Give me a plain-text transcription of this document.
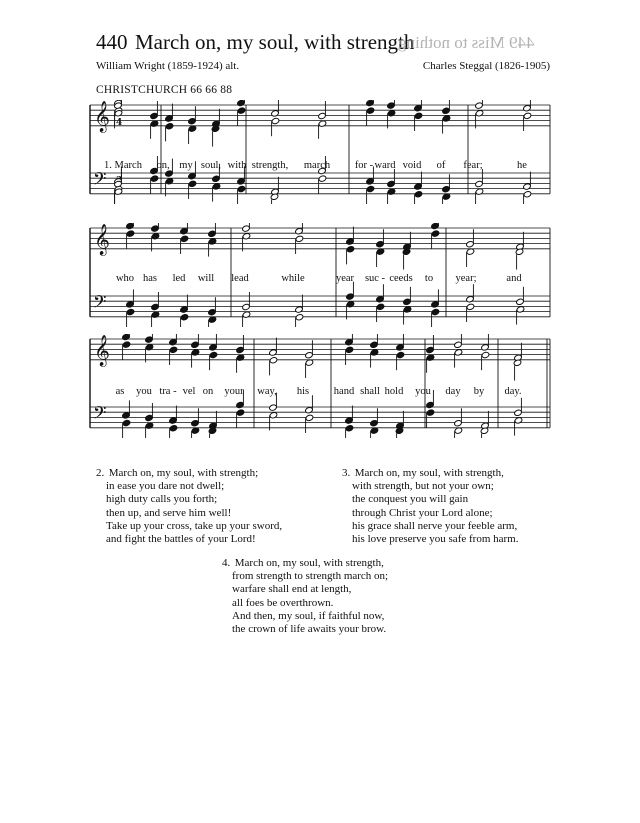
440 March on, my soul, with strength
449 Miss to nothing
William Wright (1859-1924) alt.	Charles Steggal (1826-1905)
CHRISTCHURCH 66 66 88
𝄞 4
𝄢
1. March on, my soul, with strength, march for - ward void of fear;	he
𝄞
𝄢
who has led will lead	while	year suc - ceeds to year;	and
𝄞
𝄢
as you tra - vel on your way, his hand shall hold you day by day.
2. March on, my soul, with strength;
in ease you dare not dwell;
high duty calls you forth;
then up, and serve him well!
Take up your cross, take up your sword,
and fight the battles of your Lord!
3. March on, my soul, with strength,
with strength, but not your own;
the conquest you will gain
through Christ your Lord alone;
his grace shall nerve your feeble arm,
his love preserve you safe from harm.
4. March on, my soul, with strength,
from strength to strength march on;
warfare shall end at length,
all foes be overthrown.
And then, my soul, if faithful now,
the crown of life awaits your brow.
